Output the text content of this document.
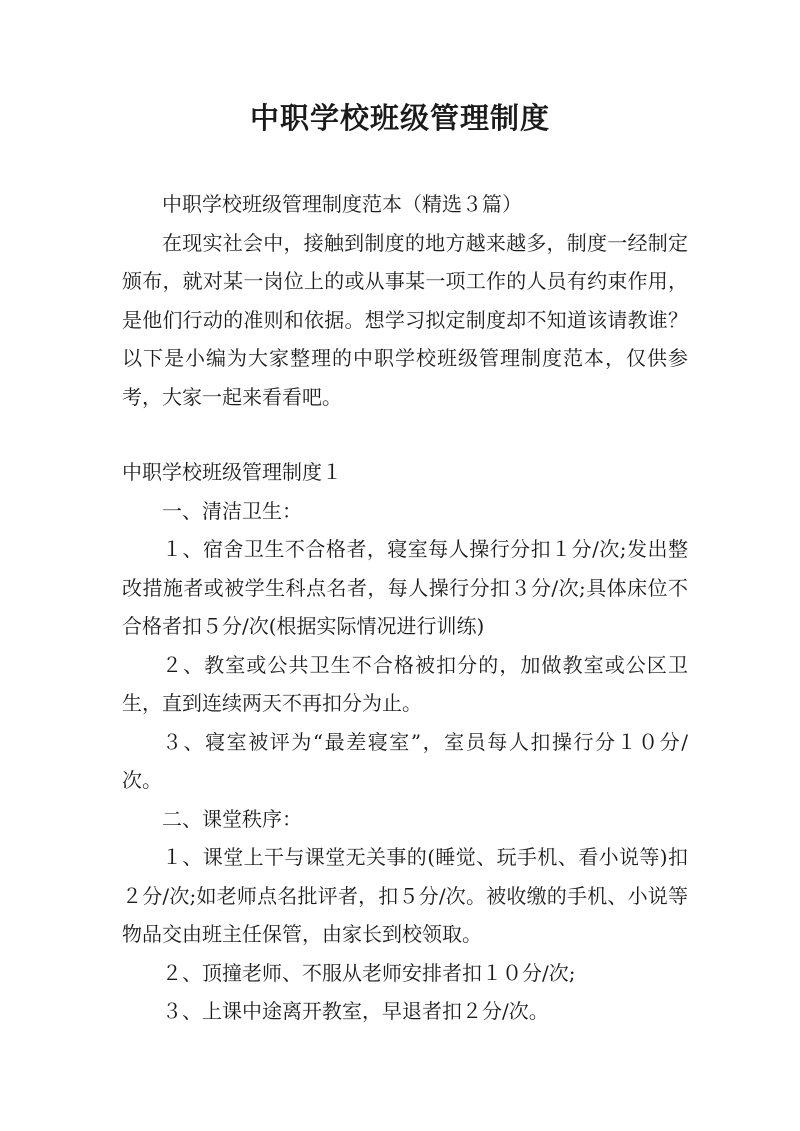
中职学校班级管理制度

中职学校班级管理制度范本（精选３篇）

在现实社会中，接触到制度的地方越来越多，制度一经制定颁布，就对某一岗位上的或从事某一项工作的人员有约束作用，是他们行动的准则和依据。想学习拟定制度却不知道该请教谁？以下是小编为大家整理的中职学校班级管理制度范本，仅供参考，大家一起来看看吧。

中职学校班级管理制度１

一、清洁卫生：

１、宿舍卫生不合格者，寝室每人操行分扣１分/次;发出整改措施者或被学生科点名者，每人操行分扣３分/次;具体床位不合格者扣５分/次(根据实际情况进行训练)

２、教室或公共卫生不合格被扣分的，加做教室或公区卫生，直到连续两天不再扣分为止。

３、寝室被评为“最差寝室”，室员每人扣操行分１０分/次。

二、课堂秩序：

１、课堂上干与课堂无关事的(睡觉、玩手机、看小说等)扣２分/次;如老师点名批评者，扣５分/次。被收缴的手机、小说等物品交由班主任保管，由家长到校领取。

２、顶撞老师、不服从老师安排者扣１０分/次;

３、上课中途离开教室，早退者扣２分/次。
